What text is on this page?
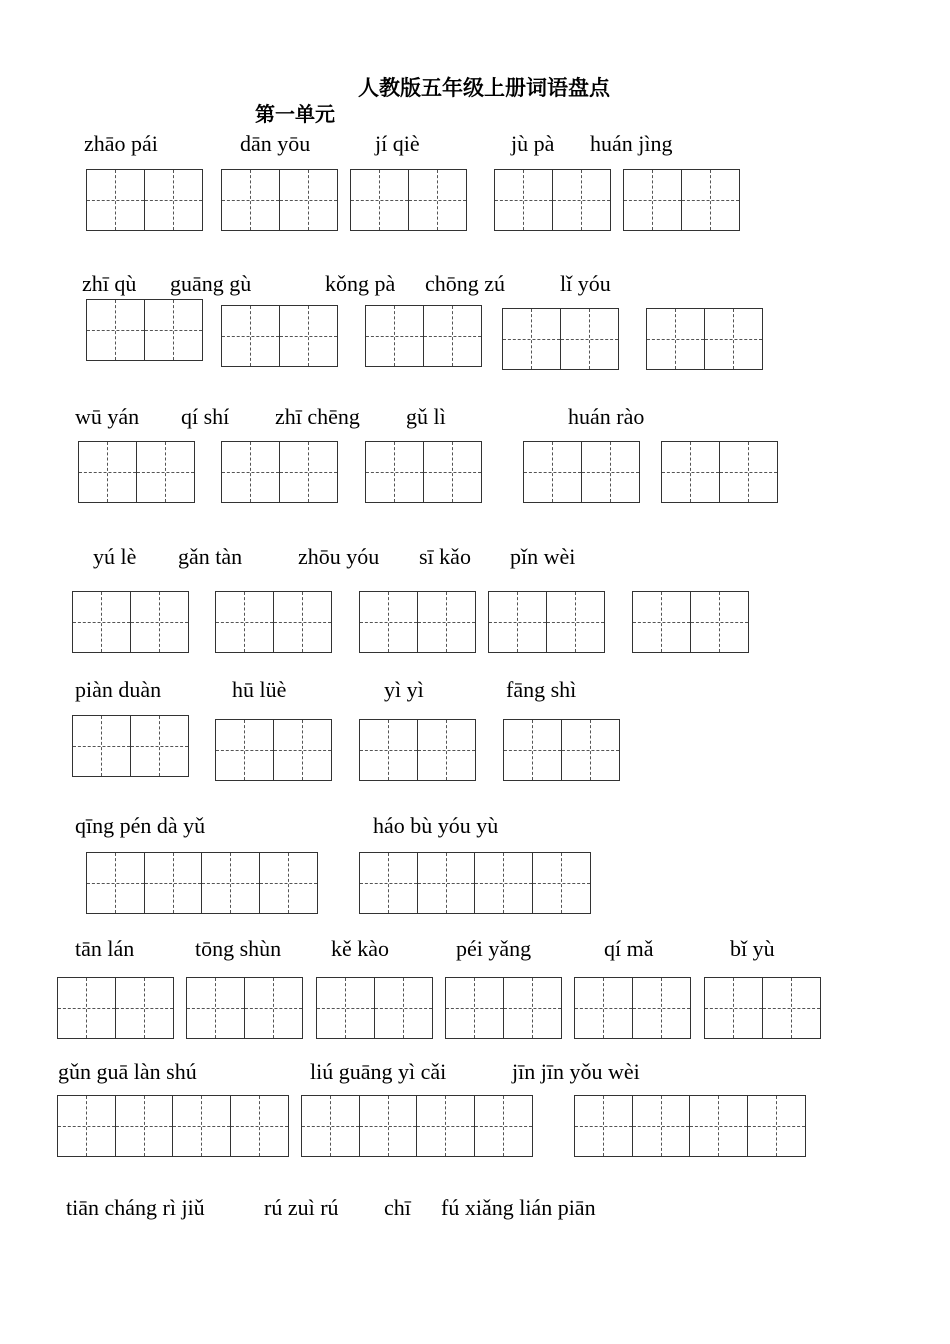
人教版五年级上册词语盘点
第一单元
zhāo pái	dān yōu	jí qiè	jù pà huán jìng
zhī qù guāng gù	kǒng pà chōng zú lǐ yóu
wū yán qí shí zhī chēng gǔ lì	huán rào
yú lè gǎn tàn	zhōu yóu sī kǎo pǐn wèi
piàn duàn	hū lüè	yì yì	fāng shì
qīng pén dà yǔ	háo bù yóu yù
tān lán	tōng shùn kě kào	péi yǎng	qí mǎ	bǐ yù
gǔn guā làn shú	liú guāng yì cǎi	jīn jīn yǒu wèi
tiān cháng rì jiǔ	rú zuì rú chī fú xiǎng lián piān
